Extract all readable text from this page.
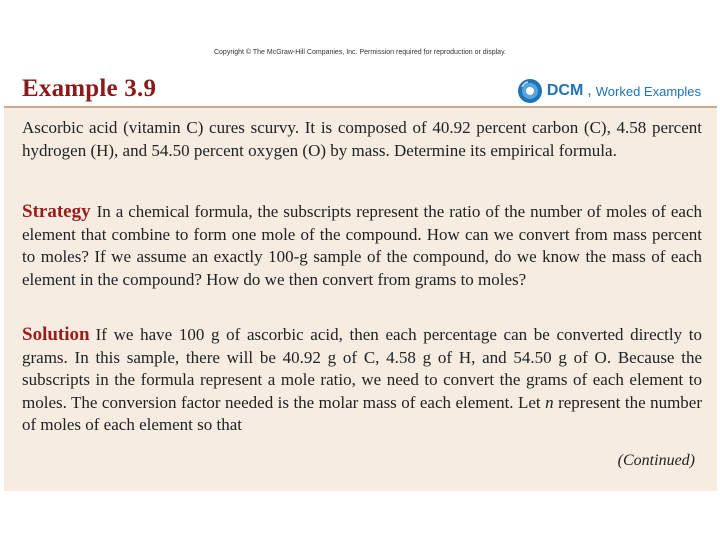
Copyright © The McGraw-Hill Companies, Inc. Permission required for reproduction or display.
Example 3.9	DCM , Worked Examples

Ascorbic acid (vitamin C) cures scurvy. It is composed of 40.92 percent carbon (C), 4.58 percent hydrogen (H), and 54.50 percent oxygen (O) by mass. Determine its empirical formula.

Strategy In a chemical formula, the subscripts represent the ratio of the number of moles of each element that combine to form one mole of the compound. How can we convert from mass percent to moles? If we assume an exactly 100-g sample of the compound, do we know the mass of each element in the compound? How do we then convert from grams to moles?

Solution If we have 100 g of ascorbic acid, then each percentage can be converted directly to grams. In this sample, there will be 40.92 g of C, 4.58 g of H, and 54.50 g of O. Because the subscripts in the formula represent a mole ratio, we need to convert the grams of each element to moles. The conversion factor needed is the molar mass of each element. Let n represent the number of moles of each element so that

(Continued)
